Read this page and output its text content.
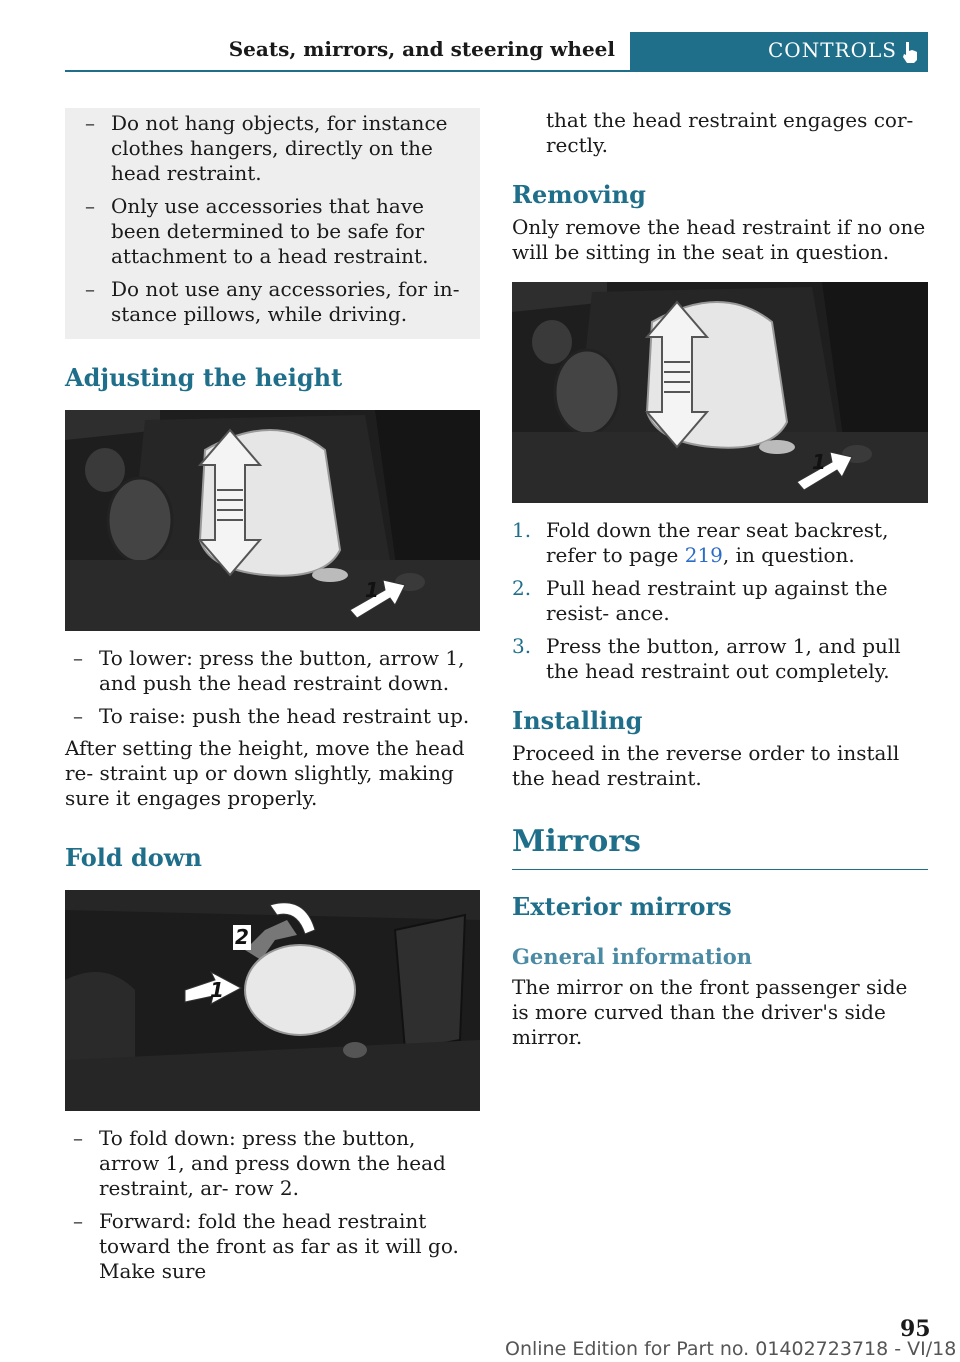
Seats, mirrors, and steering wheel	CONTROLS
– Do not hang objects, for instance clothes hangers, directly on the head restraint.
– Only use accessories that have been determined to be safe for attachment to a head restraint.
– Do not use any accessories, for in- stance pillows, while driving.
Adjusting the height
1
– To lower: press the button, arrow 1, and push the head restraint down.
– To raise: push the head restraint up.

After setting the height, move the head re- straint up or down slightly, making sure it engages properly.

Fold down
1
2
– To fold down: press the button, arrow 1, and press down the head restraint, ar- row 2.
– Forward: fold the head restraint toward the front as far as it will go. Make sure

that the head restraint engages cor- rectly.

Removing

Only remove the head restraint if no one will be sitting in the seat in question.

1
1. Fold down the rear seat backrest, refer to page 219, in question.
2. Pull head restraint up against the resist- ance.
3. Press the button, arrow 1, and pull the head restraint out completely.
Installing

Proceed in the reverse order to install the head restraint.

Mirrors
Exterior mirrors
General information

The mirror on the front passenger side is more curved than the driver's side mirror.

95
Online Edition for Part no. 01402723718 - VI/18
